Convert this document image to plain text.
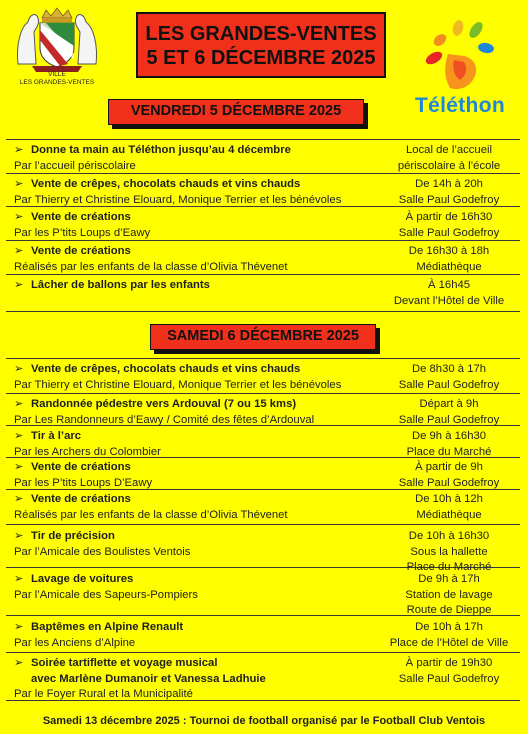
VILLE
LES GRANDES-VENTES
LES GRANDES-VENTES
5 ET 6 DÉCEMBRE 2025
Téléthon
VENDREDI 5 DÉCEMBRE 2025
➢ Donne ta main au Téléthon jusqu’au 4 décembre
Par l’accueil périscolaire
Local de l’accueil
périscolaire à l’école
➢ Vente de crêpes, chocolats chauds et vins chauds
Par Thierry et Christine Elouard, Monique Terrier et les bénévoles
De 14h à 20h
Salle Paul Godefroy
➢ Vente de créations
Par les P’tits Loups d’Eawy
À partir de 16h30
Salle Paul Godefroy
➢ Vente de créations
Réalisés par les enfants de la classe d’Olivia Thévenet
De 16h30 à 18h
Médiathèque
➢ Lâcher de ballons par les enfants	À 16h45
Devant l’Hôtel de Ville
SAMEDI 6 DÉCEMBRE 2025
➢ Vente de crêpes, chocolats chauds et vins chauds
Par Thierry et Christine Elouard, Monique Terrier et les bénévoles
De 8h30 à 17h
Salle Paul Godefroy
➢ Randonnée pédestre vers Ardouval (7 ou 15 kms)
Par Les Randonneurs d’Eawy / Comité des fêtes d’Ardouval
Départ à 9h
Salle Paul Godefroy
➢ Tir à l’arc
Par les Archers du Colombier
De 9h à 16h30
Place du Marché
➢ Vente de créations
Par les P’tits Loups D’Eawy
À partir de 9h
Salle Paul Godefroy
➢ Vente de créations
Réalisés par les enfants de la classe d’Olivia Thévenet
De 10h à 12h
Médiathèque
➢ Tir de précision
Par l’Amicale des Boulistes Ventois
De 10h à 16h30
Sous la hallette
Place du Marché
➢ Lavage de voitures
Par l’Amicale des Sapeurs-Pompiers
De 9h à 17h
Station de lavage
Route de Dieppe
➢ Baptêmes en Alpine Renault
Par les Anciens d’Alpine
De 10h à 17h
Place de l’Hôtel de Ville
➢ Soirée tartiflette et voyage musical
avec Marlène Dumanoir et Vanessa Ladhuie
Par le Foyer Rural et la Municipalité
À partir de 19h30
Salle Paul Godefroy
Samedi 13 décembre 2025 : Tournoi de football organisé par le Football Club Ventois
